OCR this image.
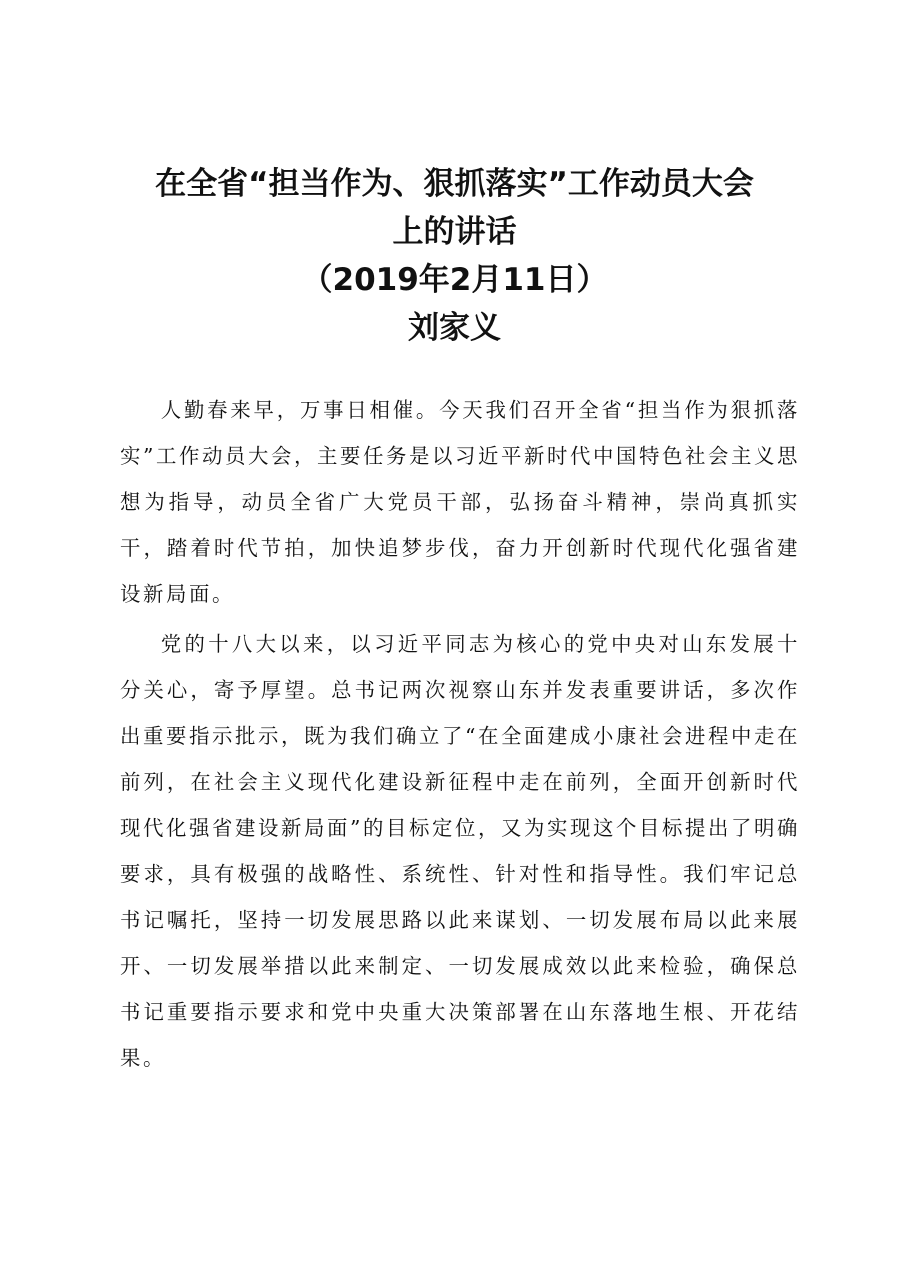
在全省“担当作为、狠抓落实”工作动员大会
上的讲话
（2019年2月11日）
刘家义

人勤春来早，万事日相催。今天我们召开全省“担当作为狠抓落实”工作动员大会，主要任务是以习近平新时代中国特色社会主义思想为指导，动员全省广大党员干部，弘扬奋斗精神，崇尚真抓实干，踏着时代节拍，加快追梦步伐，奋力开创新时代现代化强省建设新局面。

党的十八大以来，以习近平同志为核心的党中央对山东发展十分关心，寄予厚望。总书记两次视察山东并发表重要讲话，多次作出重要指示批示，既为我们确立了“在全面建成小康社会进程中走在前列，在社会主义现代化建设新征程中走在前列，全面开创新时代现代化强省建设新局面”的目标定位，又为实现这个目标提出了明确要求，具有极强的战略性、系统性、针对性和指导性。我们牢记总书记嘱托，坚持一切发展思路以此来谋划、一切发展布局以此来展开、一切发展举措以此来制定、一切发展成效以此来检验，确保总书记重要指示要求和党中央重大决策部署在山东落地生根、开花结果。
